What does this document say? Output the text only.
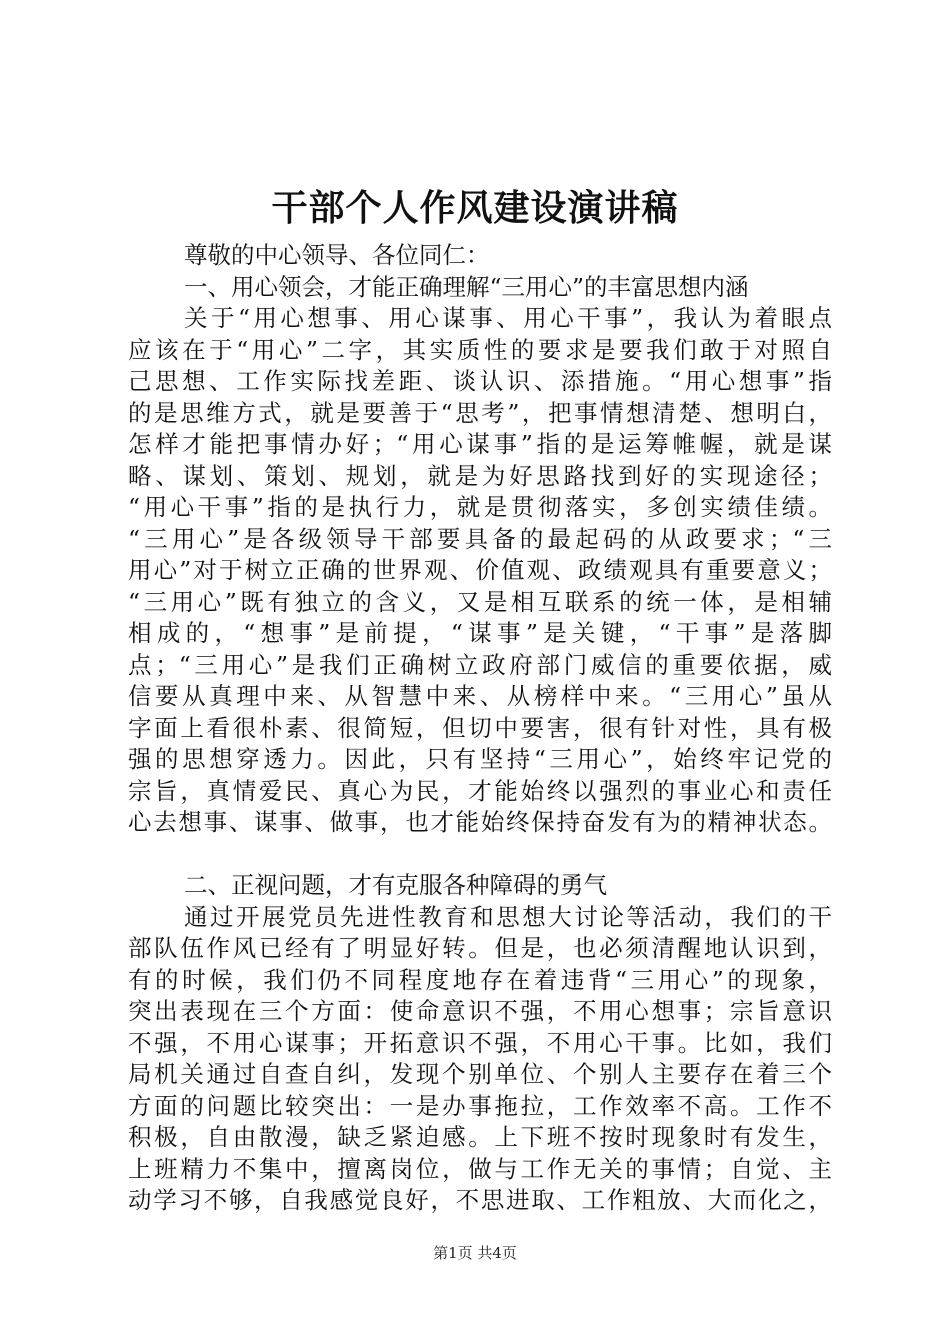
干部个人作风建设演讲稿

尊敬的中心领导、各位同仁：

一、用心领会，才能正确理解“三用心”的丰富思想内涵

关于“用心想事、用心谋事、用心干事”，我认为着眼点

应该在于“用心”二字，其实质性的要求是要我们敢于对照自

己思想、工作实际找差距、谈认识、添措施。“用心想事”指

的是思维方式，就是要善于“思考”，把事情想清楚、想明白，

怎样才能把事情办好；“用心谋事”指的是运筹帷幄，就是谋

略、谋划、策划、规划，就是为好思路找到好的实现途径；

“用心干事”指的是执行力，就是贯彻落实，多创实绩佳绩。

“三用心”是各级领导干部要具备的最起码的从政要求；“三

用心”对于树立正确的世界观、价值观、政绩观具有重要意义；

“三用心”既有独立的含义，又是相互联系的统一体，是相辅

相成的，“想事”是前提，“谋事”是关键，“干事”是落脚

点；“三用心”是我们正确树立政府部门威信的重要依据，威

信要从真理中来、从智慧中来、从榜样中来。“三用心”虽从

字面上看很朴素、很简短，但切中要害，很有针对性，具有极

强的思想穿透力。因此，只有坚持“三用心”，始终牢记党的

宗旨，真情爱民、真心为民，才能始终以强烈的事业心和责任

心去想事、谋事、做事，也才能始终保持奋发有为的精神状态。

二、正视问题，才有克服各种障碍的勇气

通过开展党员先进性教育和思想大讨论等活动，我们的干

部队伍作风已经有了明显好转。但是，也必须清醒地认识到，

有的时候，我们仍不同程度地存在着违背“三用心”的现象，

突出表现在三个方面：使命意识不强，不用心想事；宗旨意识

不强，不用心谋事；开拓意识不强，不用心干事。比如，我们

局机关通过自查自纠，发现个别单位、个别人主要存在着三个

方面的问题比较突出：一是办事拖拉，工作效率不高。工作不

积极，自由散漫，缺乏紧迫感。上下班不按时现象时有发生，

上班精力不集中，擅离岗位，做与工作无关的事情；自觉、主

动学习不够，自我感觉良好，不思进取、工作粗放、大而化之，

第1页 共4页
